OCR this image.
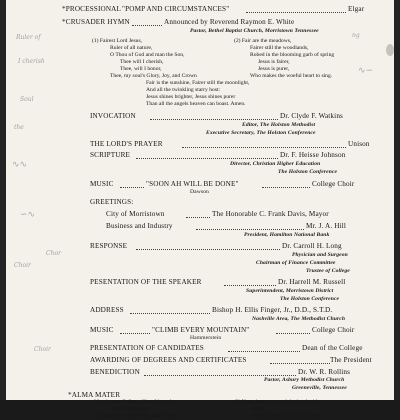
Ruler of
I cherish
Soul
the
Choir
Chor
Choir
ng
∿∿
∽∿
∿∽
*PROCESSIONAL "POMP AND CIRCUMSTANCES"	Elgar
*CRUSADER HYMN	Announced by Reverend Raymon E. White
Pastor, Bethel Baptist Church, Morristown Tennessee
(1) Fairest Lord Jesus,
Ruler of all nature,
O Thou of God and man the Son,
Thee will I cherish,
Thee, will I honor,
Thee, my soul's Glory, Joy, and Crown
(2) Fair are the meadows,
Fairer still the woodlands,
Robed in the blooming garb of spring
Jesus is fairer,
Jesus is purer,
Who makes the woeful heart to sing.
Fair is the sunshine, Fairer still the moonlight,
And all the twinkling starry host:
Jesus shines brighter, Jesus shines purer
Than all the angels heaven can boast. Amen.
INVOCATION	Dr. Clyde F. Watkins
Editor, The Holston Methodist
Executive Secretary, The Holston Conference
THE LORD'S PRAYER	Unison
SCRIPTURE	Dr. F. Heisse Johnson
Director, Christian Higher Education
The Holston Conference
MUSIC	"SOON AH WILL BE DONE"	College Choir
Dawson
GREETINGS:
City of Morristown	The Honorable C. Frank Davis, Mayor
Business and Industry	Mr. J. A. Hill
President, Hamilton National Bank
RESPONSE	Dr. Carroll H. Long
Physician and Surgeon
Chairman of Finance Committee
Trustee of College
PESENTATION OF THE SPEAKER	Dr. Harrell M. Russell
Superintendent, Morristown District
The Holston Conference
ADDRESS	Bishop H. Ellis Finger, Jr., D.D., S.T.D.
Nashville Area, The Methodist Church
MUSIC	"CLIMB EVERY MOUNTAIN"	College Choir
Hammerstein
PRESENTATION OF CANDIDATES	Dean of the College
AWARDING OF DEGREES AND CERTIFICATES	The President
BENEDICTION	Dr. W. R. Rollins
Pastor, Asbury Methodist Church
Greeneville, Tennessee
*ALMA MATER
Morristown College, How I love thee,
Alma Mater hail!
Red and black wave high above thee,
(2) Years have crowned thy head with
glory
All the great and thrilling story
